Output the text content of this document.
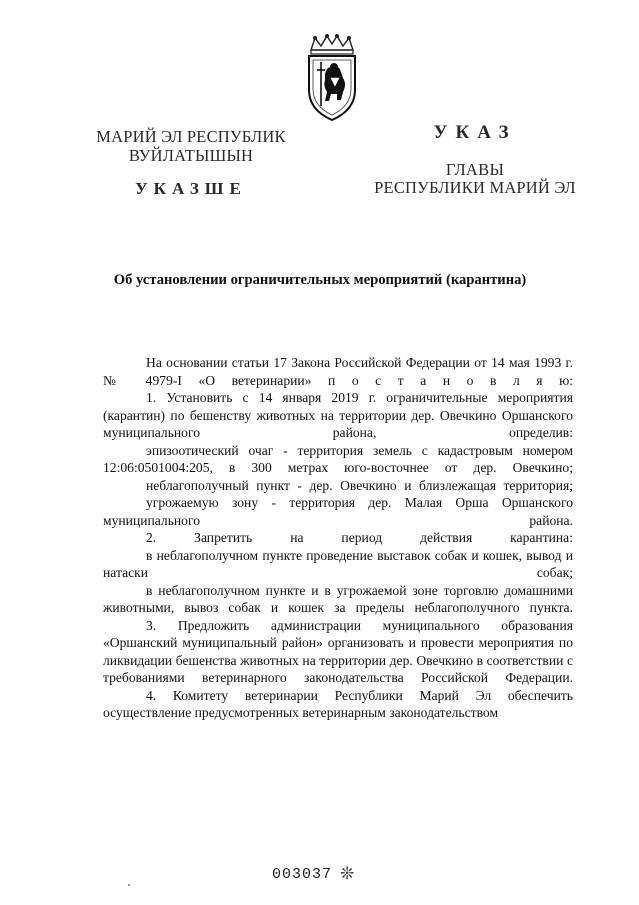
МАРИЙ ЭЛ РЕСПУБЛИК
ВУЙЛАТЫШЫН
УКАЗШЕ
УКАЗ
ГЛАВЫ
РЕСПУБЛИКИ МАРИЙ ЭЛ
Об установлении ограничительных мероприятий (карантина)

На основании статьи 17 Закона Российской Федерации от 14 мая 1993 г. № 4979-I «О ветеринарии» п о с т а н о в л я ю:

1. Установить с 14 января 2019 г. ограничительные мероприятия (карантин) по бешенству животных на территории дер. Овечкино Оршанского муниципального района, определив:

эпизоотический очаг - территория земель с кадастровым номером 12:06:0501004:205, в 300 метрах юго-восточнее от дер. Овечкино;

неблагополучный пункт - дер. Овечкино и близлежащая территория;

угрожаемую зону - территория дер. Малая Орша Оршанского муниципального района.

2. Запретить на период действия карантина:

в неблагополучном пункте проведение выставок собак и кошек, вывод и натаски собак;

в неблагополучном пункте и в угрожаемой зоне торговлю домашними животными, вывоз собак и кошек за пределы неблагополучного пункта.

3. Предложить администрации муниципального образования «Оршанский муниципальный район» организовать и провести мероприятия по ликвидации бешенства животных на территории дер. Овечкино в соответствии с требованиями ветеринарного законодательства Российской Федерации.

4. Комитету ветеринарии Республики Марий Эл обеспечить осуществление предусмотренных ветеринарным законодательством

003037 ❊
